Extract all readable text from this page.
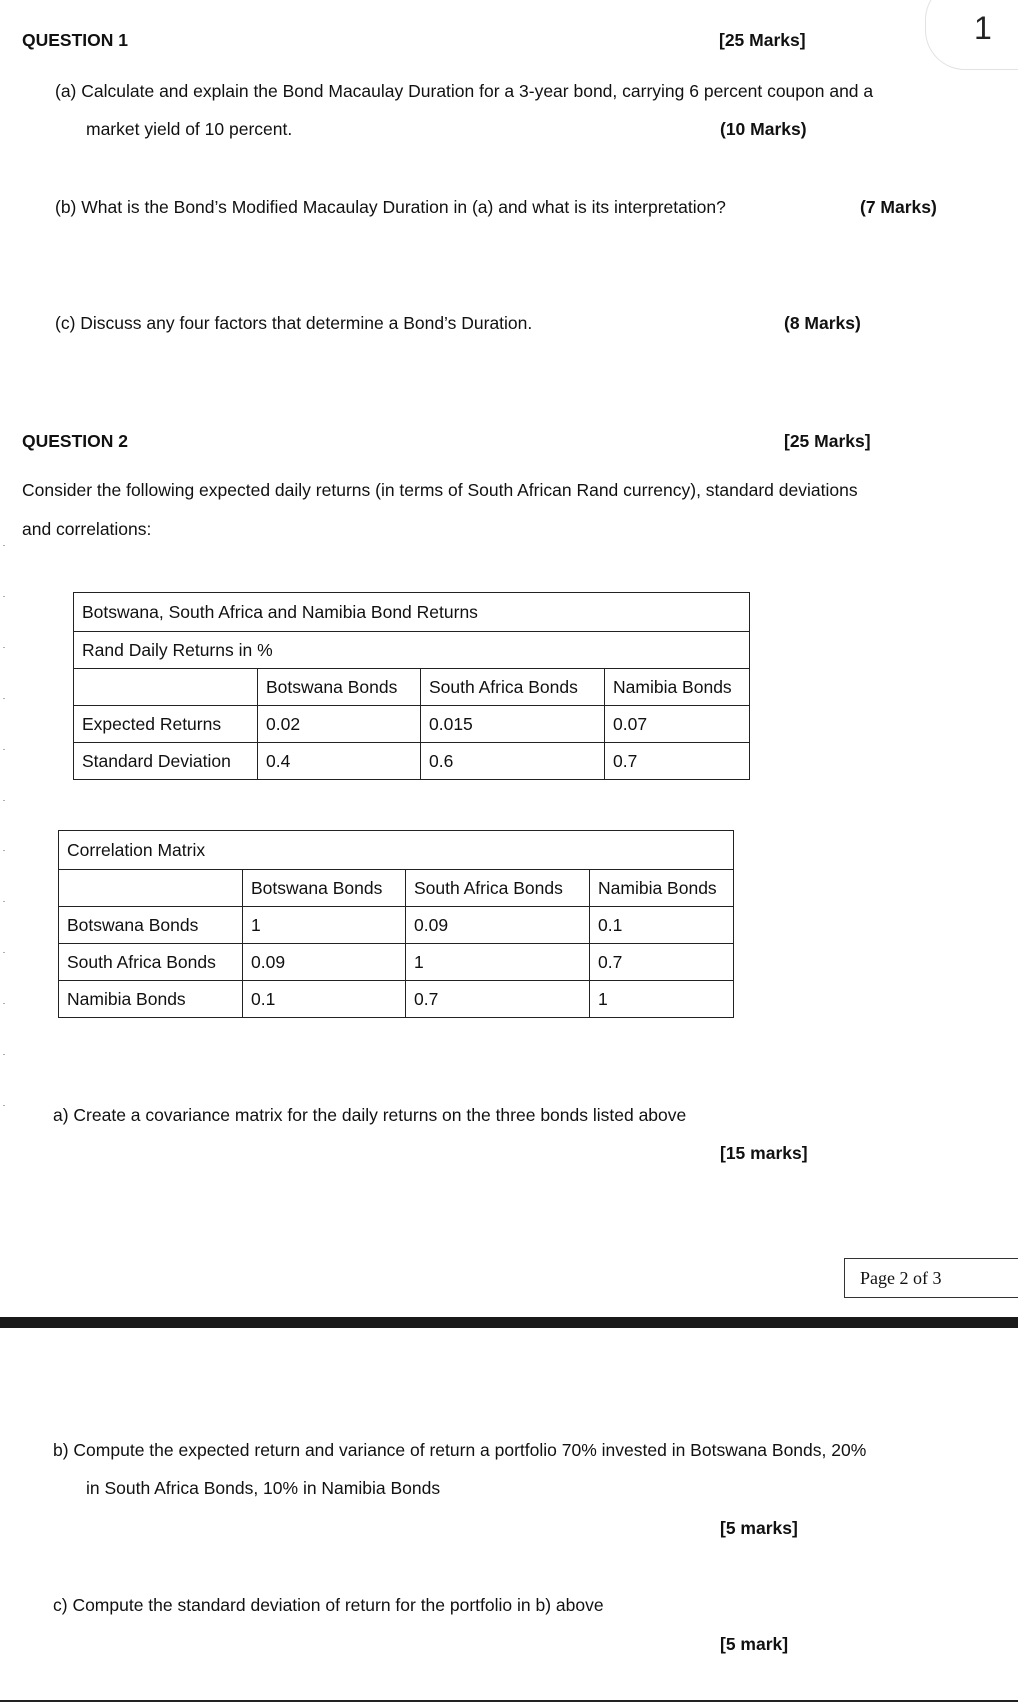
1
·
·
·
·
·
·
·
·
·
·
·
·
QUESTION 1	[25 Marks]
(a) Calculate and explain the Bond Macaulay Duration for a 3-year bond, carrying 6 percent coupon and a
market yield of 10 percent.	(10 Marks)
(b) What is the Bond’s Modified Macaulay Duration in (a) and what is its interpretation?	(7 Marks)
(c) Discuss any four factors that determine a Bond’s Duration.	(8 Marks)
QUESTION 2	[25 Marks]
Consider the following expected daily returns (in terms of South African Rand currency), standard deviations
and correlations:
Botswana, South Africa and Namibia Bond Returns			
Rand Daily Returns in %			
	Botswana Bonds	South Africa Bonds	Namibia Bonds
Expected Returns	0.02	0.015	0.07
Standard Deviation	0.4	0.6	0.7
Correlation Matrix			
	Botswana Bonds	South Africa Bonds	Namibia Bonds
Botswana Bonds	1	0.09	0.1
South Africa Bonds	0.09	1	0.7
Namibia Bonds	0.1	0.7	1
a) Create a covariance matrix for the daily returns on the three bonds listed above
[15 marks]
Page 2 of 3
b) Compute the expected return and variance of return a portfolio 70% invested in Botswana Bonds, 20%
in South Africa Bonds, 10% in Namibia Bonds
[5 marks]
c) Compute the standard deviation of return for the portfolio in b) above
[5 mark]
